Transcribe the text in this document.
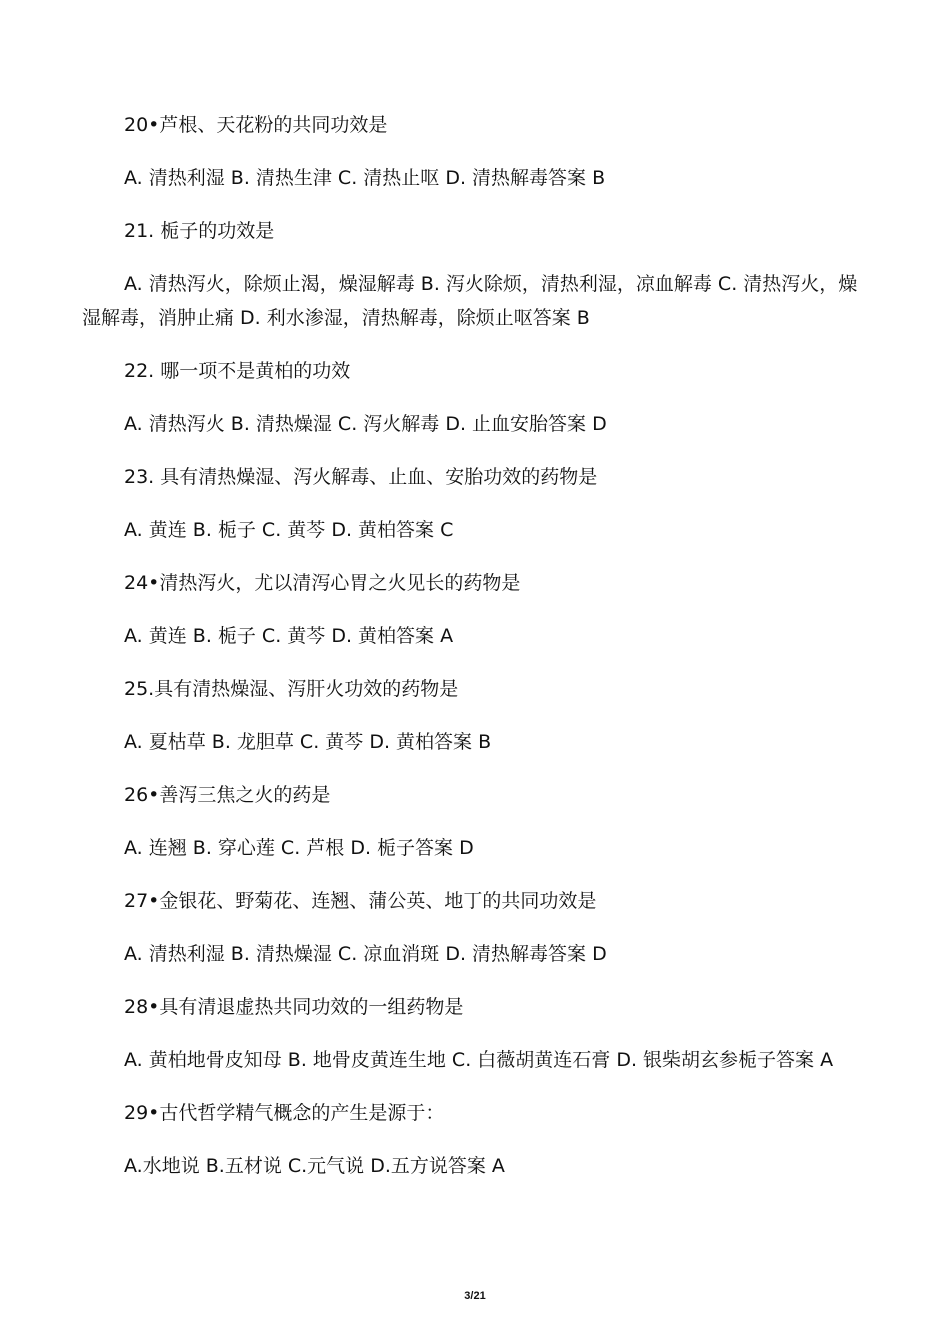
20•芦根、天花粉的共同功效是

A. 清热利湿 B. 清热生津 C. 清热止呕 D. 清热解毒答案 B

21. 栀子的功效是

A. 清热泻火，除烦止渴，燥湿解毒 B. 泻火除烦，清热利湿，凉血解毒 C. 清热泻火，燥湿解毒，消肿止痛 D. 利水渗湿，清热解毒，除烦止呕答案 B

22. 哪一项不是黄柏的功效

A. 清热泻火 B. 清热燥湿 C. 泻火解毒 D. 止血安胎答案 D

23. 具有清热燥湿、泻火解毒、止血、安胎功效的药物是

A. 黄连 B. 栀子 C. 黄芩 D. 黄柏答案 C

24•清热泻火，尤以清泻心胃之火见长的药物是

A. 黄连 B. 栀子 C. 黄芩 D. 黄柏答案 A

25.具有清热燥湿、泻肝火功效的药物是

A. 夏枯草 B. 龙胆草 C. 黄芩 D. 黄柏答案 B

26•善泻三焦之火的药是

A. 连翘 B. 穿心莲 C. 芦根 D. 栀子答案 D

27•金银花、野菊花、连翘、蒲公英、地丁的共同功效是

A. 清热利湿 B. 清热燥湿 C. 凉血消斑 D. 清热解毒答案 D

28•具有清退虚热共同功效的一组药物是

A. 黄柏地骨皮知母 B. 地骨皮黄连生地 C. 白薇胡黄连石膏 D. 银柴胡玄参栀子答案 A

29•古代哲学精气概念的产生是源于：

A.水地说 B.五材说 C.元气说 D.五方说答案 A

3/21
